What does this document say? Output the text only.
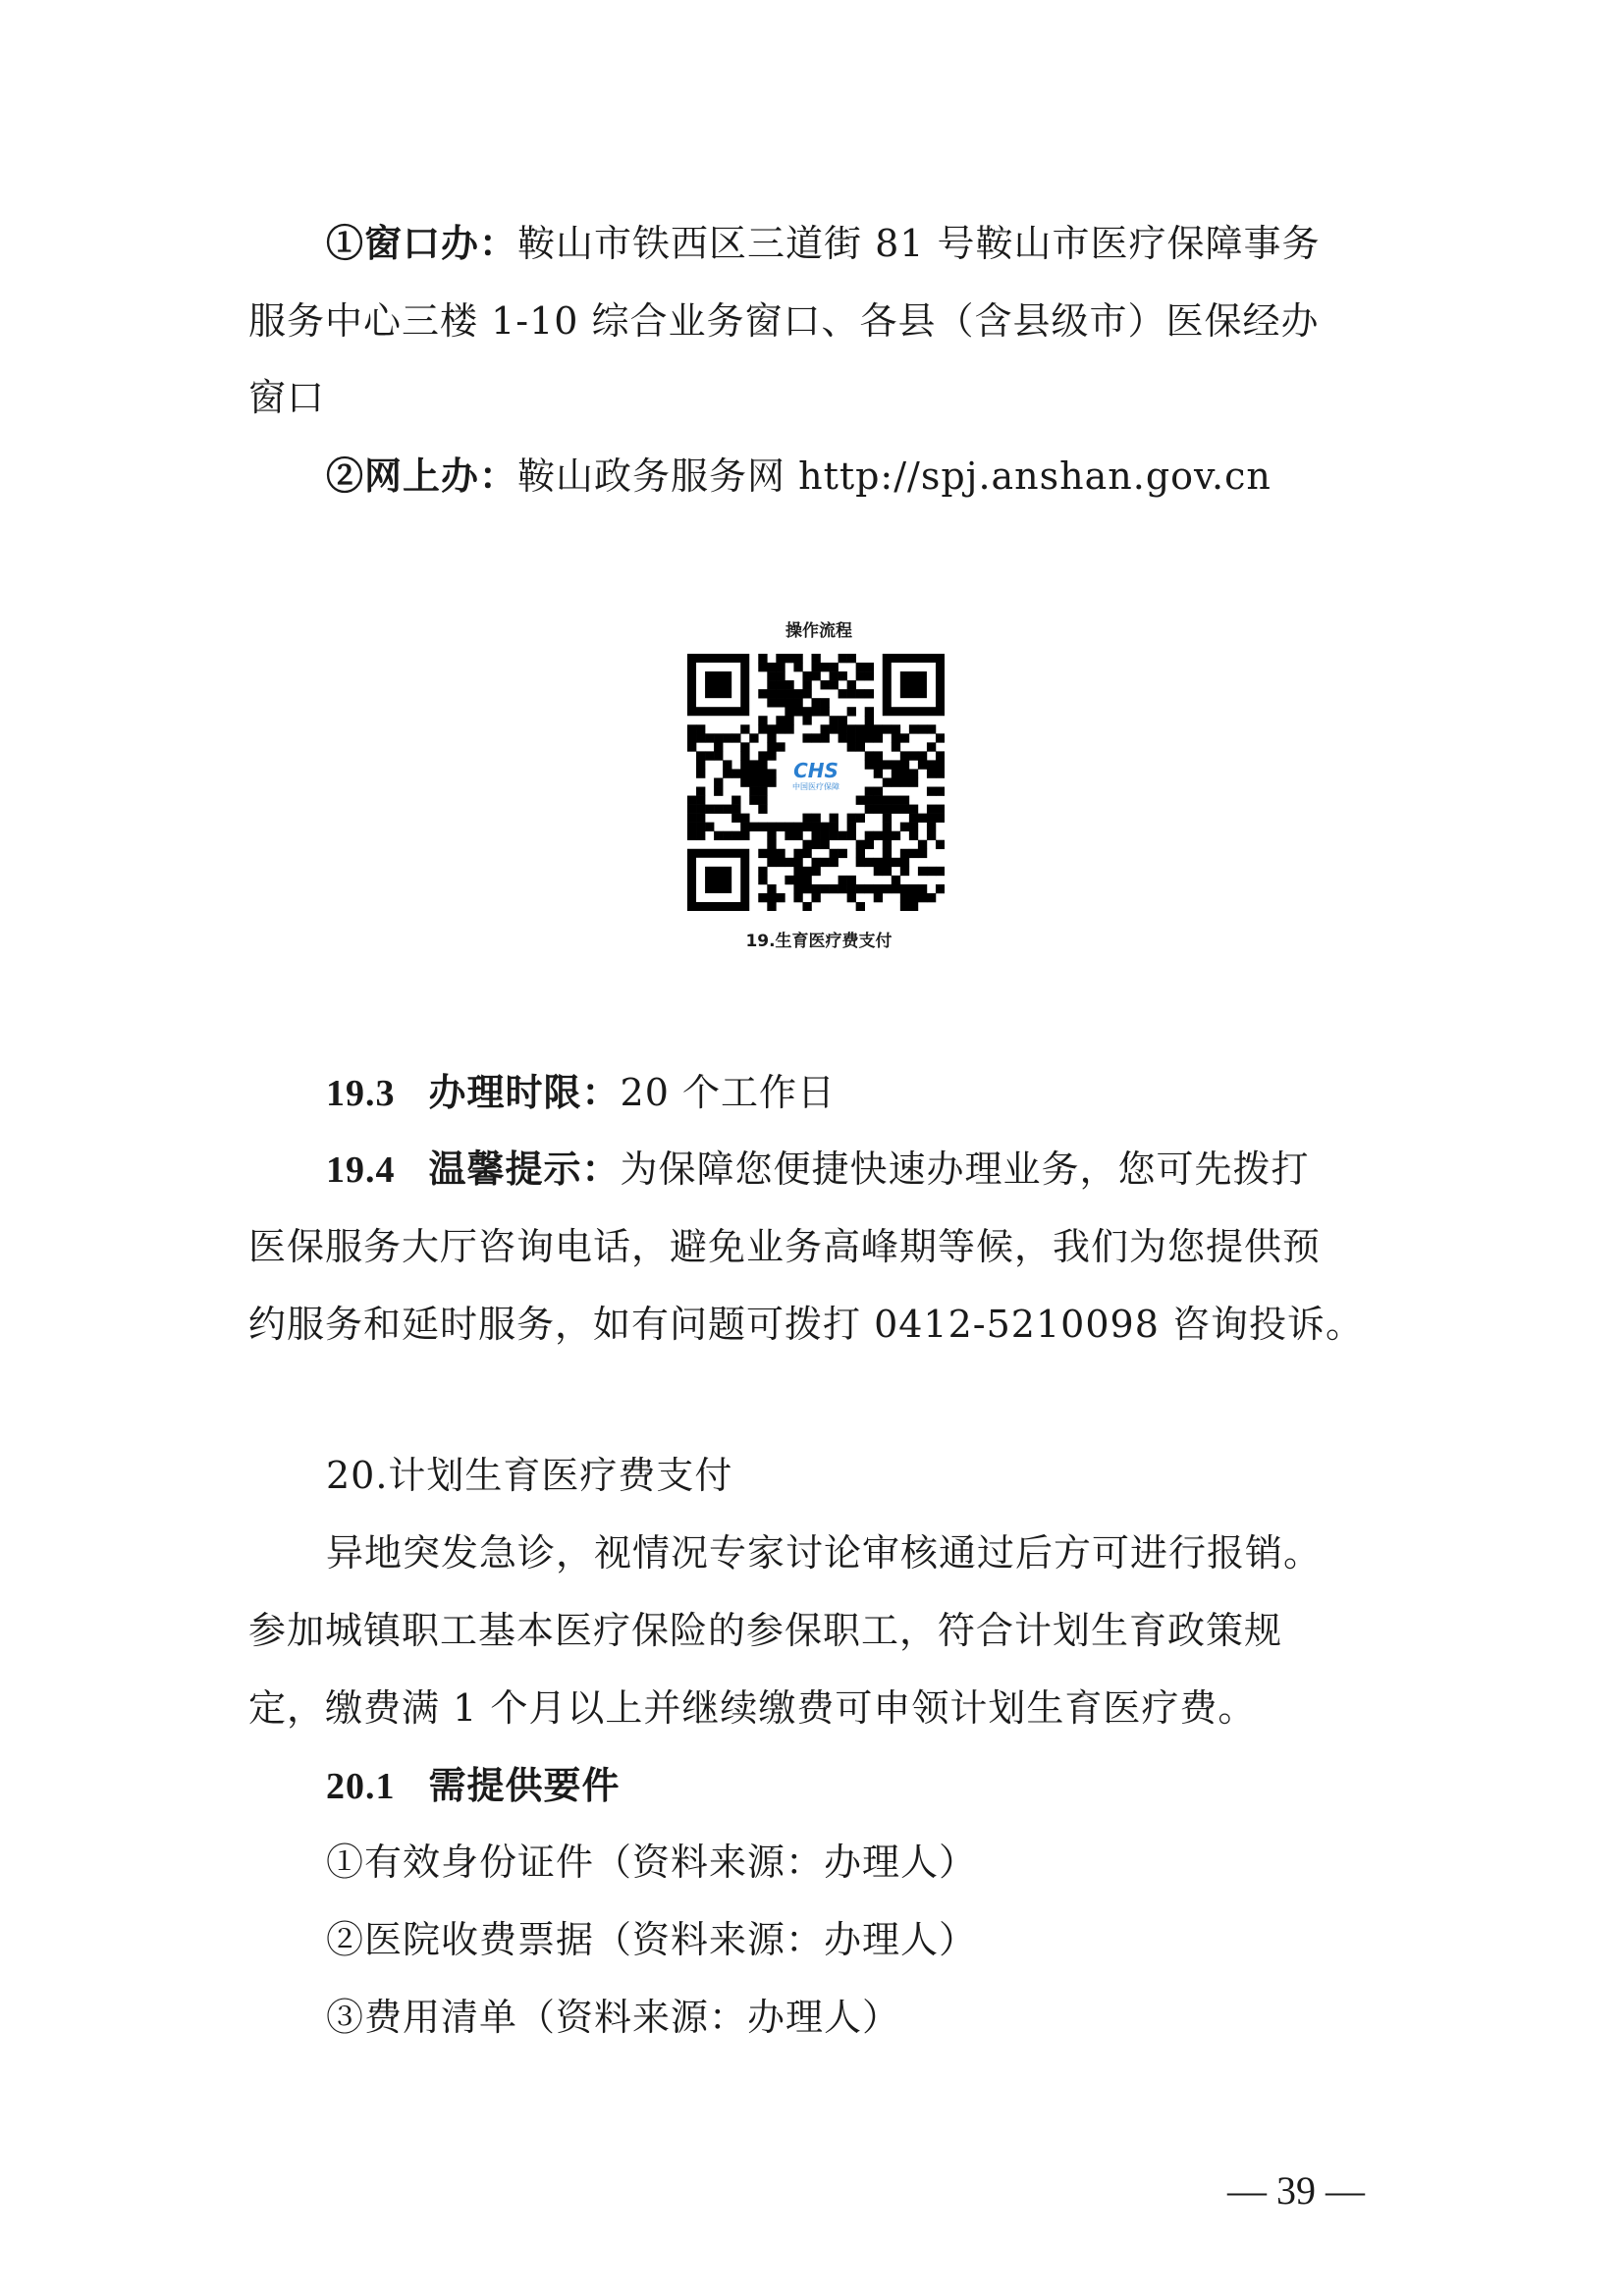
①窗口办：鞍山市铁西区三道街 81 号鞍山市医疗保障事务
服务中心三楼 1-10 综合业务窗口、各县（含县级市）医保经办
窗口
②网上办：鞍山政务服务网 http://spj.anshan.gov.cn
操作流程
CHS
中国医疗保障
19.生育医疗费支付
19.3 办理时限：20 个工作日
19.4 温馨提示：为保障您便捷快速办理业务，您可先拨打
医保服务大厅咨询电话，避免业务高峰期等候，我们为您提供预
约服务和延时服务，如有问题可拨打 0412-5210098 咨询投诉。
20.计划生育医疗费支付
异地突发急诊，视情况专家讨论审核通过后方可进行报销。
参加城镇职工基本医疗保险的参保职工，符合计划生育政策规
定，缴费满 1 个月以上并继续缴费可申领计划生育医疗费。
20.1 需提供要件
①有效身份证件（资料来源：办理人）
②医院收费票据（资料来源：办理人）
③费用清单（资料来源：办理人）
— 39 —
